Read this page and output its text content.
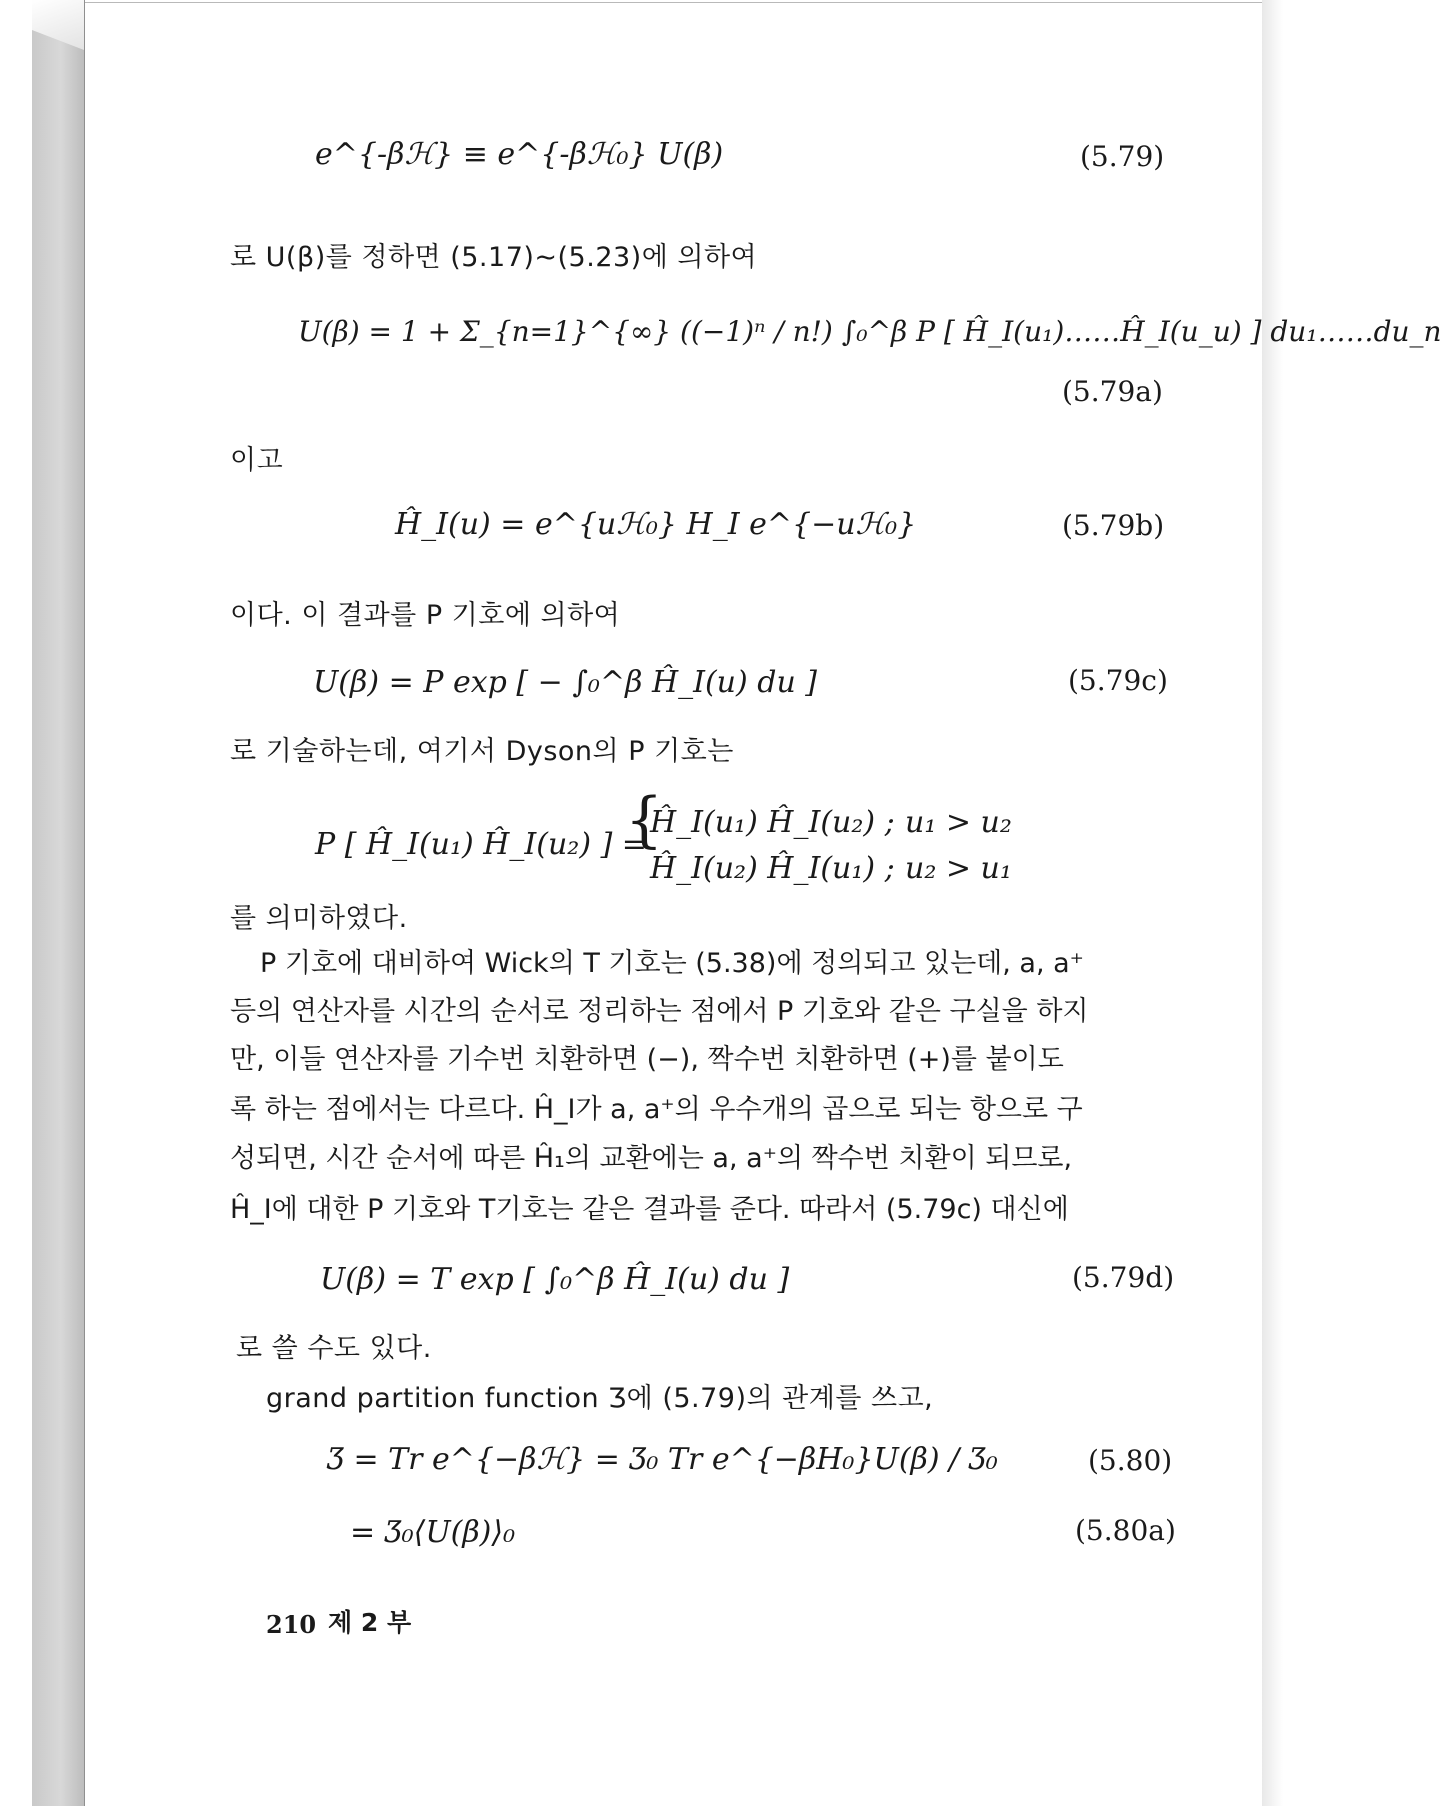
e^{-βℋ} ≡ e^{-βℋ₀} U(β)	(5.79)
로 U(β)를 정하면 (5.17)∼(5.23)에 의하여
U(β) = 1 + Σ_{n=1}^{∞} ((−1)ⁿ / n!) ∫₀^β P [ Ĥ_I(u₁)……Ĥ_I(u_u) ] du₁……du_n
(5.79a)
이고
Ĥ_I(u) = e^{uℋ₀} H_I e^{−uℋ₀}	(5.79b)
이다. 이 결과를 P 기호에 의하여
U(β) = P exp [ − ∫₀^β Ĥ_I(u) du ]	(5.79c)
로 기술하는데, 여기서 Dyson의 P 기호는
P [ Ĥ_I(u₁) Ĥ_I(u₂) ] =
{
Ĥ_I(u₁) Ĥ_I(u₂) ; u₁ > u₂
Ĥ_I(u₂) Ĥ_I(u₁) ; u₂ > u₁
를 의미하였다.
P 기호에 대비하여 Wick의 T 기호는 (5.38)에 정의되고 있는데, a, a⁺
등의 연산자를 시간의 순서로 정리하는 점에서 P 기호와 같은 구실을 하지
만, 이들 연산자를 기수번 치환하면 (−), 짝수번 치환하면 (+)를 붙이도
록 하는 점에서는 다르다. Ĥ_I가 a, a⁺의 우수개의 곱으로 되는 항으로 구
성되면, 시간 순서에 따른 Ĥ₁의 교환에는 a, a⁺의 짝수번 치환이 되므로,
Ĥ_I에 대한 P 기호와 T기호는 같은 결과를 준다. 따라서 (5.79c) 대신에
U(β) = T exp [ ∫₀^β Ĥ_I(u) du ]	(5.79d)
로 쓸 수도 있다.
grand partition function Ʒ에 (5.79)의 관계를 쓰고,
Ʒ = Tr e^{−βℋ} = Ʒ₀ Tr e^{−βH₀}U(β) / Ʒ₀	(5.80)
= Ʒ₀⟨U(β)⟩₀	(5.80a)
210 제 2 부
